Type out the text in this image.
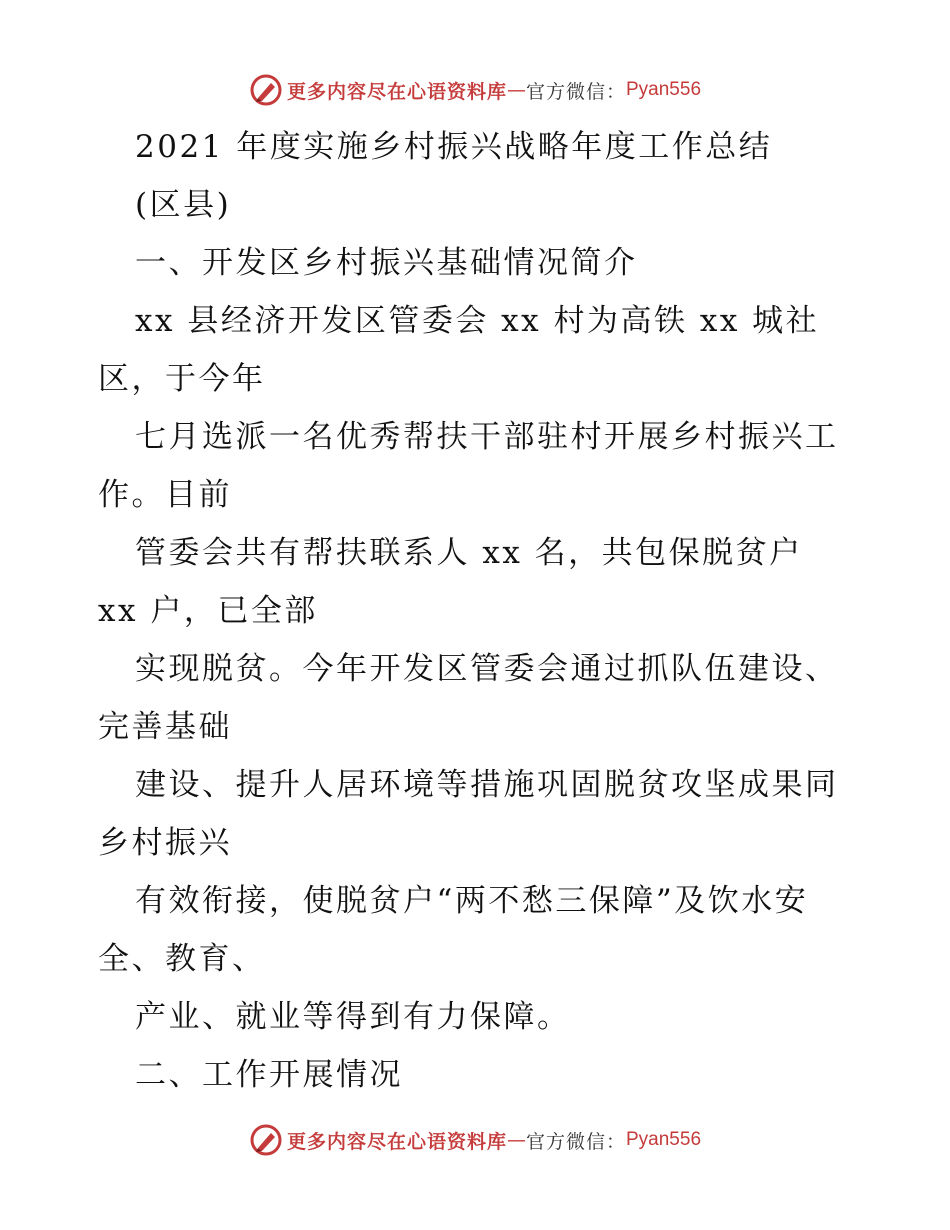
更多内容尽在心语资料库 — 官方微信： Pyan556
2021 年度实施乡村振兴战略年度工作总结
(区县)
一、开发区乡村振兴基础情况简介
xx 县经济开发区管委会 xx 村为高铁 xx 城社
区，于今年
七月选派一名优秀帮扶干部驻村开展乡村振兴工
作。目前
管委会共有帮扶联系人 xx 名，共包保脱贫户
xx 户，已全部
实现脱贫。今年开发区管委会通过抓队伍建设、
完善基础
建设、提升人居环境等措施巩固脱贫攻坚成果同
乡村振兴
有效衔接，使脱贫户“两不愁三保障”及饮水安
全、教育、
产业、就业等得到有力保障。
二、工作开展情况
更多内容尽在心语资料库 — 官方微信： Pyan556
